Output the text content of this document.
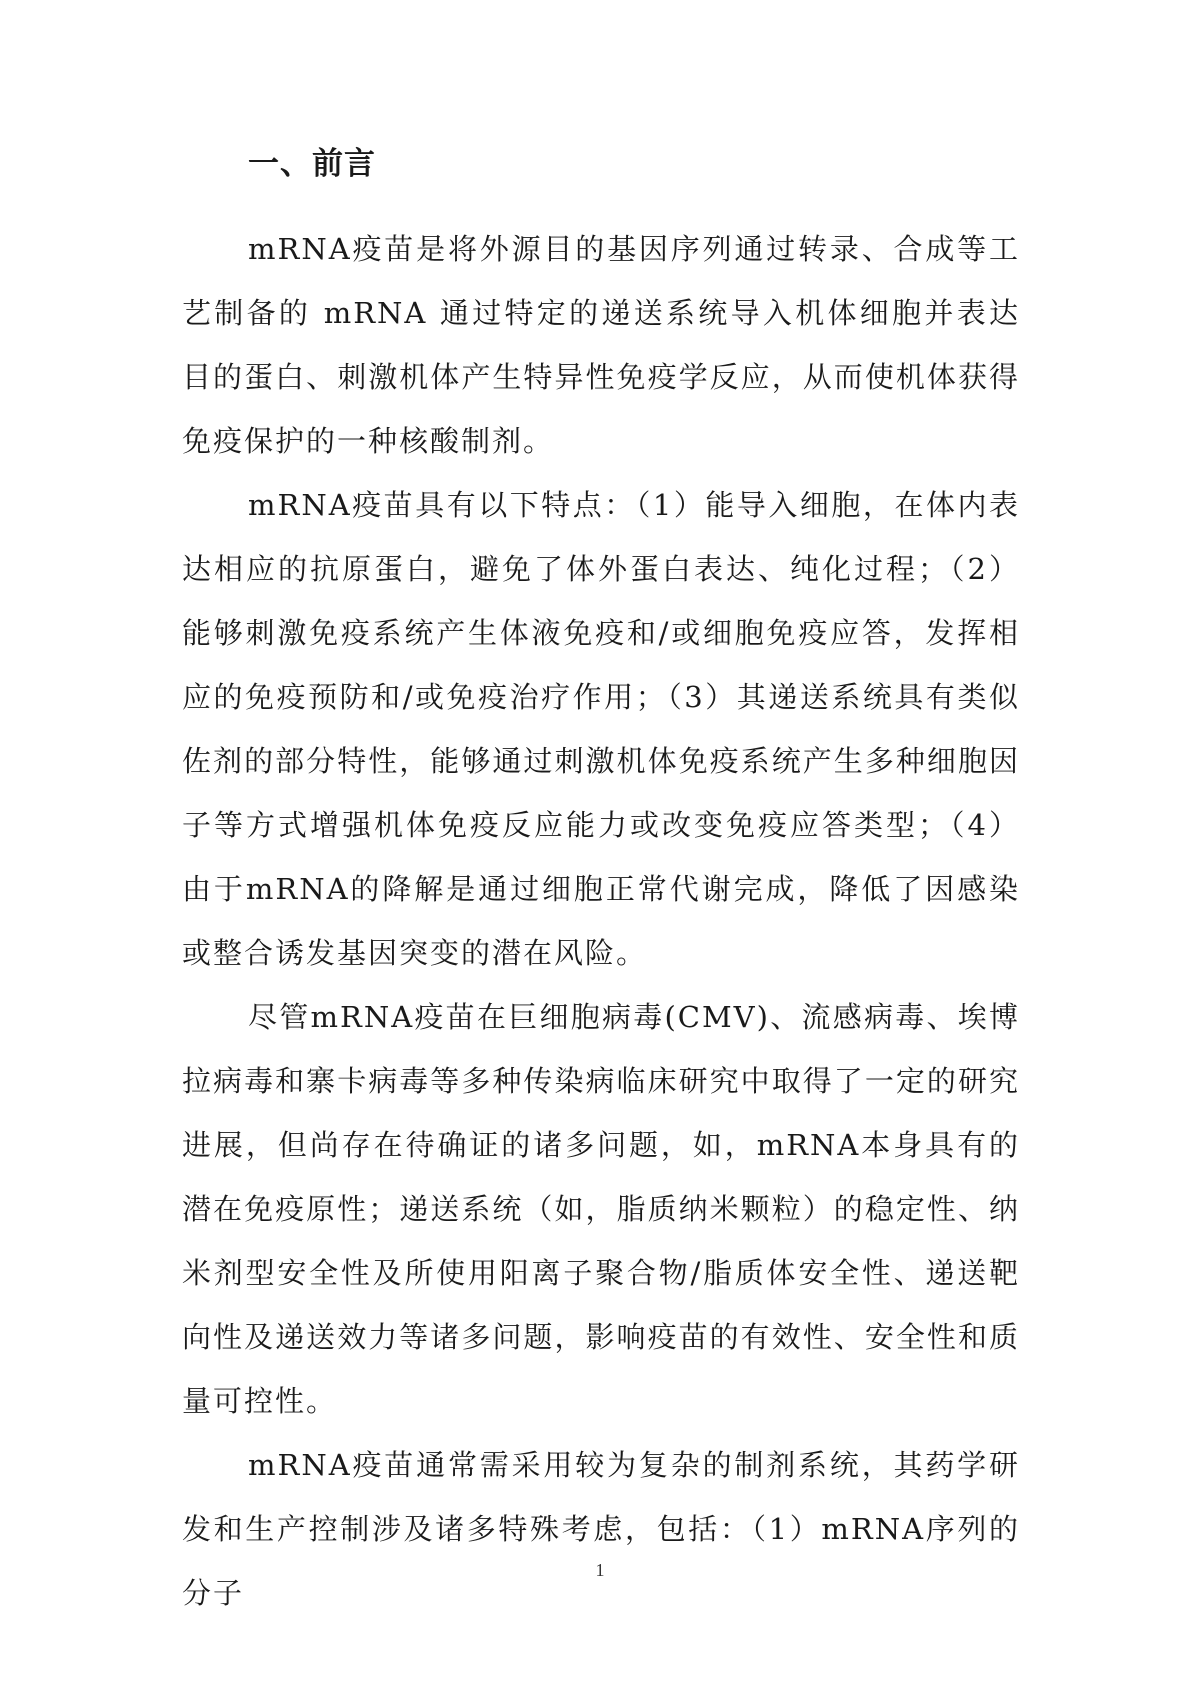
一、前言

mRNA疫苗是将外源目的基因序列通过转录、合成等工艺制备的 mRNA 通过特定的递送系统导入机体细胞并表达目的蛋白、刺激机体产生特异性免疫学反应，从而使机体获得免疫保护的一种核酸制剂。

mRNA疫苗具有以下特点：（1）能导入细胞，在体内表达相应的抗原蛋白，避免了体外蛋白表达、纯化过程；（2）能够刺激免疫系统产生体液免疫和/或细胞免疫应答，发挥相应的免疫预防和/或免疫治疗作用；（3）其递送系统具有类似佐剂的部分特性，能够通过刺激机体免疫系统产生多种细胞因子等方式增强机体免疫反应能力或改变免疫应答类型；（4）由于mRNA的降解是通过细胞正常代谢完成，降低了因感染或整合诱发基因突变的潜在风险。

尽管mRNA疫苗在巨细胞病毒(CMV)、流感病毒、埃博拉病毒和寨卡病毒等多种传染病临床研究中取得了一定的研究进展，但尚存在待确证的诸多问题，如，mRNA本身具有的潜在免疫原性；递送系统（如，脂质纳米颗粒）的稳定性、纳米剂型安全性及所使用阳离子聚合物/脂质体安全性、递送靶向性及递送效力等诸多问题，影响疫苗的有效性、安全性和质量可控性。

mRNA疫苗通常需采用较为复杂的制剂系统，其药学研发和生产控制涉及诸多特殊考虑，包括：（1）mRNA序列的分子

1
